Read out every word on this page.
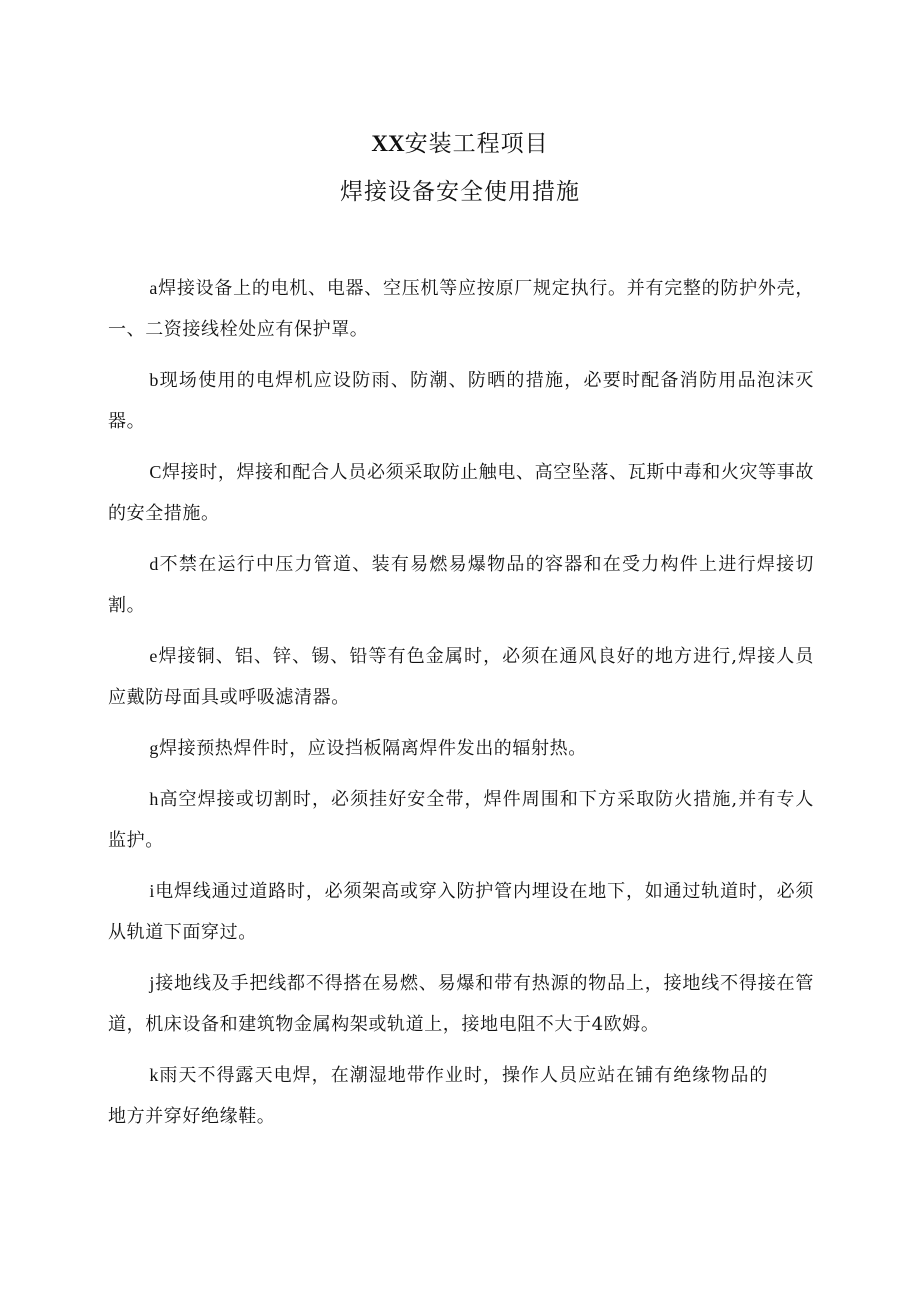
XX安装工程项目
焊接设备安全使用措施

a焊接设备上的电机、电器、空压机等应按原厂规定执行。并有完整的防护外壳，一、二资接线栓处应有保护罩。

b现场使用的电焊机应设防雨、防潮、防晒的措施，必要时配备消防用品泡沫灭器。

C焊接时，焊接和配合人员必须采取防止触电、高空坠落、瓦斯中毒和火灾等事故的安全措施。

d不禁在运行中压力管道、装有易燃易爆物品的容器和在受力构件上进行焊接切割。

e焊接铜、铝、锌、锡、铅等有色金属时，必须在通风良好的地方进行,焊接人员应戴防母面具或呼吸滤清器。

g焊接预热焊件时，应设挡板隔离焊件发出的辐射热。

h高空焊接或切割时，必须挂好安全带，焊件周围和下方采取防火措施,并有专人监护。

i电焊线通过道路时，必须架高或穿入防护管内埋设在地下，如通过轨道时，必须从轨道下面穿过。

j接地线及手把线都不得搭在易燃、易爆和带有热源的物品上，接地线不得接在管道，机床设备和建筑物金属构架或轨道上，接地电阻不大于4欧姆。

k雨天不得露天电焊，在潮湿地带作业时，操作人员应站在铺有绝缘物品的地方并穿好绝缘鞋。
